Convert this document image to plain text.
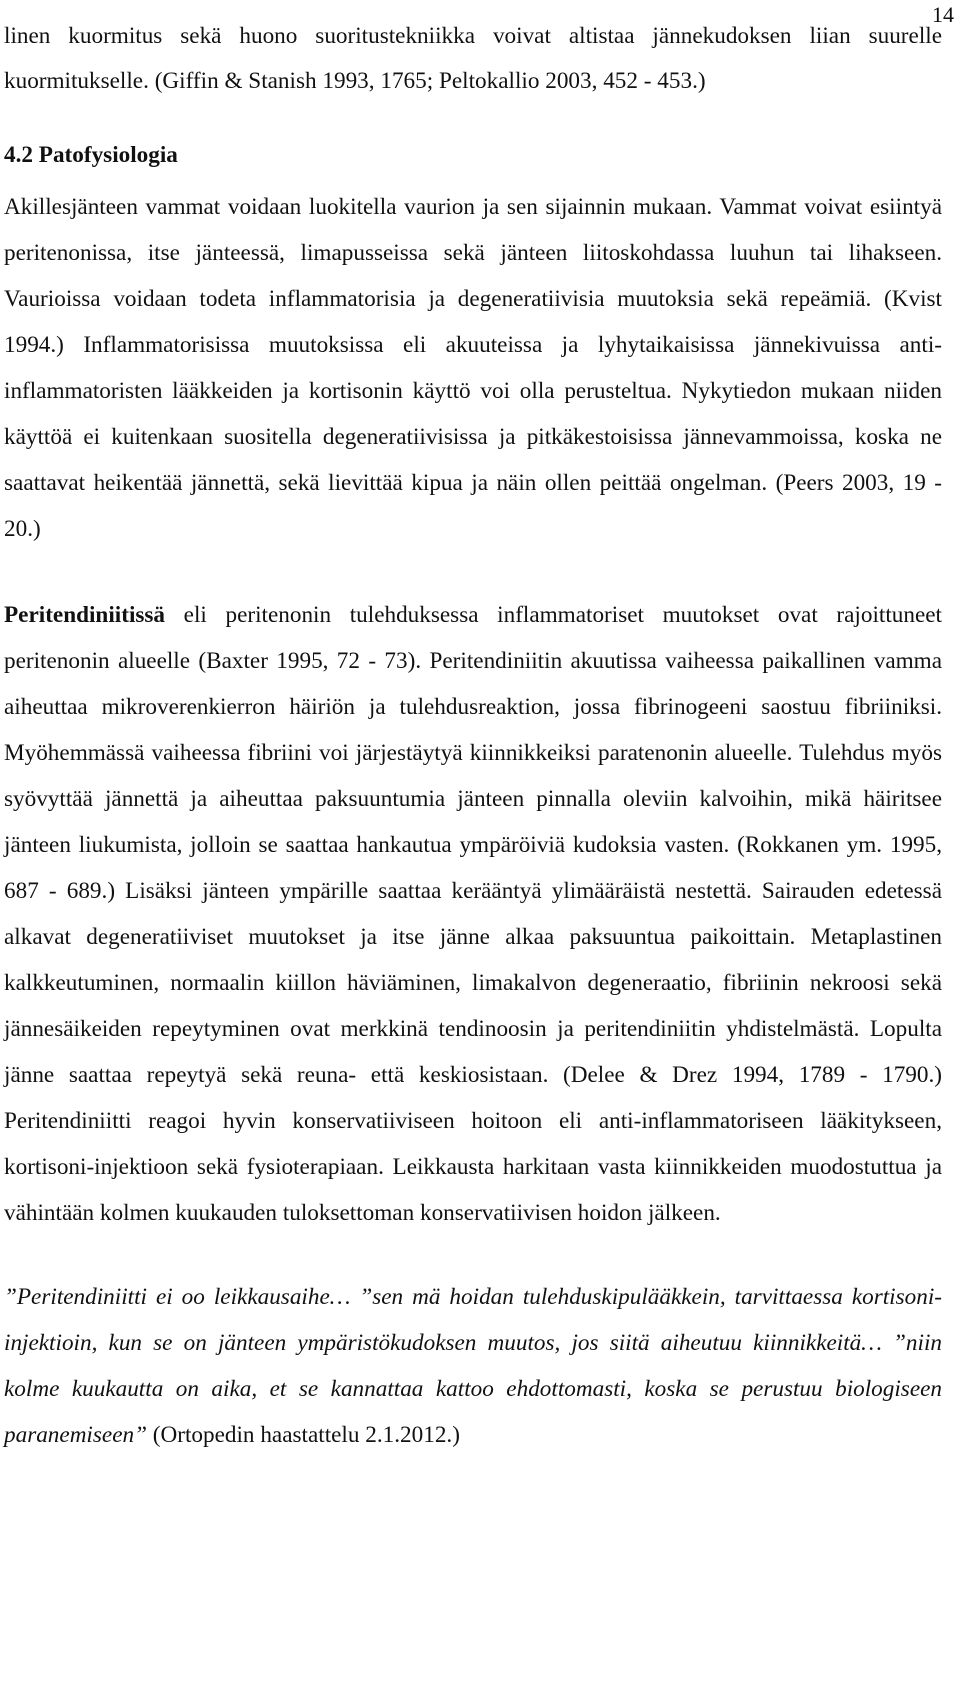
14

linen kuormitus sekä huono suoritustekniikka voivat altistaa jännekudoksen liian suurelle kuormitukselle. (Giffin & Stanish 1993, 1765; Peltokallio 2003, 452 - 453.)

4.2 Patofysiologia

Akillesjänteen vammat voidaan luokitella vaurion ja sen sijainnin mukaan. Vammat voivat esiintyä peritenonissa, itse jänteessä, limapusseissa sekä jänteen liitoskohdassa luuhun tai lihakseen. Vaurioissa voidaan todeta inflammatorisia ja degeneratiivisia muutoksia sekä repeämiä. (Kvist 1994.) Inflammatorisissa muutoksissa eli akuuteissa ja lyhytaikaisissa jännekivuissa anti-inflammatoristen lääkkeiden ja kortisonin käyttö voi olla perusteltua. Nykytiedon mukaan niiden käyttöä ei kuitenkaan suositella degeneratiivisissa ja pitkäkestoisissa jännevammoissa, koska ne saattavat heikentää jännettä, sekä lievittää kipua ja näin ollen peittää ongelman. (Peers 2003, 19 - 20.)

Peritendiniitissä eli peritenonin tulehduksessa inflammatoriset muutokset ovat rajoittuneet peritenonin alueelle (Baxter 1995, 72 - 73). Peritendiniitin akuutissa vaiheessa paikallinen vamma aiheuttaa mikroverenkierron häiriön ja tulehdusreaktion, jossa fibrinogeeni saostuu fibriiniksi. Myöhemmässä vaiheessa fibriini voi järjestäytyä kiinnikkeiksi paratenonin alueelle. Tulehdus myös syövyttää jännettä ja aiheuttaa paksuuntumia jänteen pinnalla oleviin kalvoihin, mikä häiritsee jänteen liukumista, jolloin se saattaa hankautua ympäröiviä kudoksia vasten. (Rokkanen ym. 1995, 687 - 689.) Lisäksi jänteen ympärille saattaa kerääntyä ylimääräistä nestettä. Sairauden edetessä alkavat degeneratiiviset muutokset ja itse jänne alkaa paksuuntua paikoittain. Metaplastinen kalkkeutuminen, normaalin kiillon häviäminen, limakalvon degeneraatio, fibriinin nekroosi sekä jännesäikeiden repeytyminen ovat merkkinä tendinoosin ja peritendiniitin yhdistelmästä. Lopulta jänne saattaa repeytyä sekä reuna- että keskiosistaan. (Delee & Drez 1994, 1789 - 1790.) Peritendiniitti reagoi hyvin konservatiiviseen hoitoon eli anti-inflammatoriseen lääkitykseen, kortisoni-injektioon sekä fysioterapiaan. Leikkausta harkitaan vasta kiinnikkeiden muodostuttua ja vähintään kolmen kuukauden tuloksettoman konservatiivisen hoidon jälkeen.

”Peritendiniitti ei oo leikkausaihe… ”sen mä hoidan tulehduskipulääkkein, tarvittaessa kortisoni-injektioin, kun se on jänteen ympäristökudoksen muutos, jos siitä aiheutuu kiinnikkeitä… ”niin kolme kuukautta on aika, et se kannattaa kattoo ehdottomasti, koska se perustuu biologiseen paranemiseen” (Ortopedin haastattelu 2.1.2012.)
